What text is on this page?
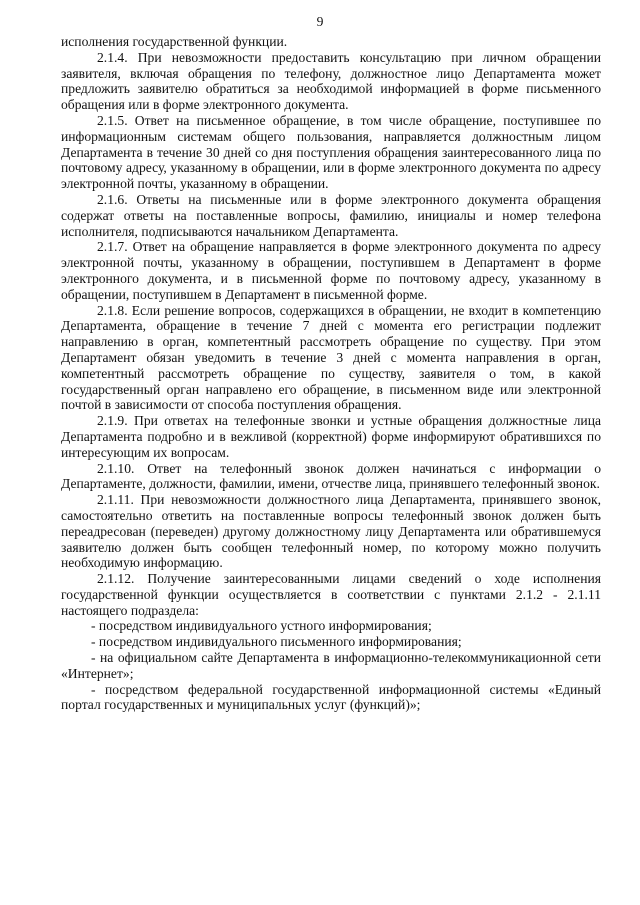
9

исполнения государственной функции.

2.1.4. При невозможности предоставить консультацию при личном обращении заявителя, включая обращения по телефону, должностное лицо Департамента может предложить заявителю обратиться за необходимой информацией в форме письменного обращения или в форме электронного документа.

2.1.5. Ответ на письменное обращение, в том числе обращение, поступившее по информационным системам общего пользования, направляется должностным лицом Департамента в течение 30 дней со дня поступления обращения заинтересованного лица по почтовому адресу, указанному в обращении, или в форме электронного документа по адресу электронной почты, указанному в обращении.

2.1.6. Ответы на письменные или в форме электронного документа обращения содержат ответы на поставленные вопросы, фамилию, инициалы и номер телефона исполнителя, подписываются начальником Департамента.

2.1.7. Ответ на обращение направляется в форме электронного документа по адресу электронной почты, указанному в обращении, поступившем в Департамент в форме электронного документа, и в письменной форме по почтовому адресу, указанному в обращении, поступившем в Департамент в письменной форме.

2.1.8. Если решение вопросов, содержащихся в обращении, не входит в компетенцию Департамента, обращение в течение 7 дней с момента его регистрации подлежит направлению в орган, компетентный рассмотреть обращение по существу. При этом Департамент обязан уведомить в течение 3 дней с момента направления в орган, компетентный рассмотреть обращение по существу, заявителя о том, в какой государственный орган направлено его обращение, в письменном виде или электронной почтой в зависимости от способа поступления обращения.

2.1.9. При ответах на телефонные звонки и устные обращения должностные лица Департамента подробно и в вежливой (корректной) форме информируют обратившихся по интересующим их вопросам.

2.1.10. Ответ на телефонный звонок должен начинаться с информации о Департаменте, должности, фамилии, имени, отчестве лица, принявшего телефонный звонок.

2.1.11. При невозможности должностного лица Департамента, принявшего звонок, самостоятельно ответить на поставленные вопросы телефонный звонок должен быть переадресован (переведен) другому должностному лицу Департамента или обратившемуся заявителю должен быть сообщен телефонный номер, по которому можно получить необходимую информацию.

2.1.12. Получение заинтересованными лицами сведений о ходе исполнения государственной функции осуществляется в соответствии с пунктами 2.1.2 - 2.1.11 настоящего подраздела:

- посредством индивидуального устного информирования;

- посредством индивидуального письменного информирования;

- на официальном сайте Департамента в информационно-телекоммуникационной сети «Интернет»;

- посредством федеральной государственной информационной системы «Единый портал государственных и муниципальных услуг (функций)»;
